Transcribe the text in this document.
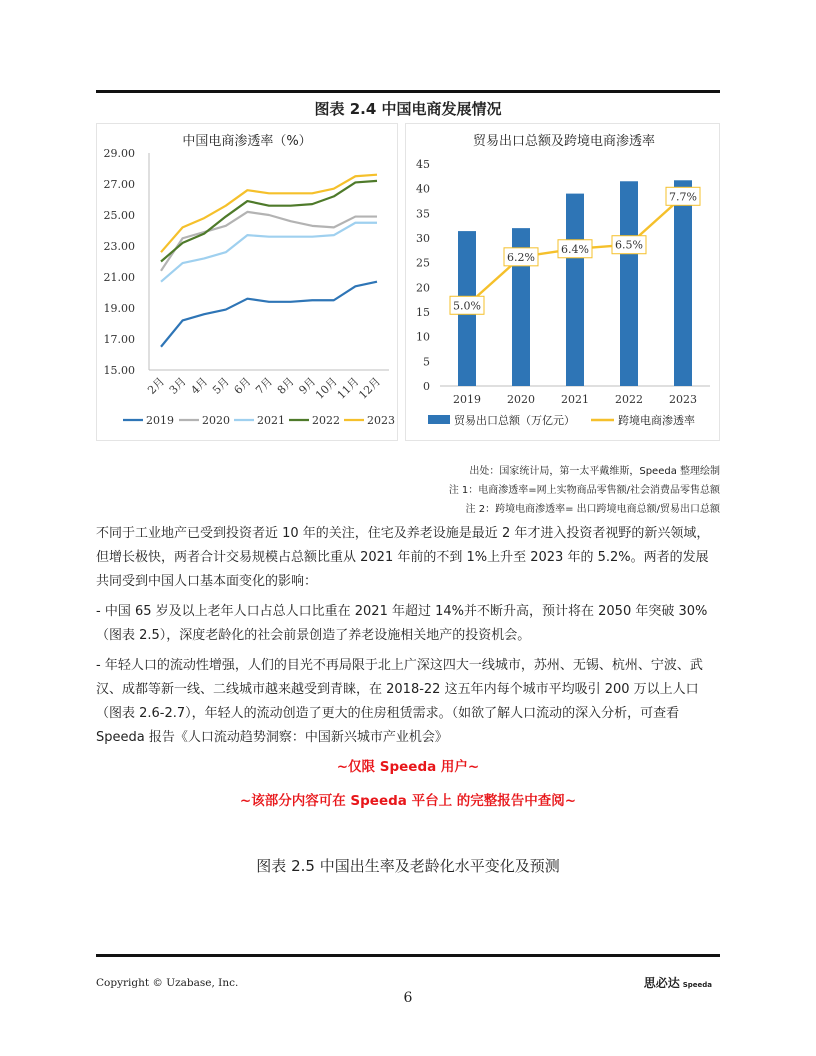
图表 2.4 中国电商发展情况
中国电商渗透率（%）
29.00
27.00
25.00
23.00
21.00
19.00
17.00
15.00
2月 3月 4月 5月 6月 7月 8月 9月
10月
11月
12月
2019	2020 2021 2022 2023
贸易出口总额及跨境电商渗透率
45
40
35
30
25
20
15
10
5
0
2019 2020 2021 2022 2023
5.0%
6.2%
6.4% 6.5%
7.7%
贸易出口总额（万亿元）	跨境电商渗透率
出处：国家统计局，第一太平戴维斯，Speeda 整理绘制
注 1：电商渗透率=网上实物商品零售额/社会消费品零售总额
注 2：跨境电商渗透率= 出口跨境电商总额/贸易出口总额
不同于工业地产已受到投资者近 10 年的关注，住宅及养老设施是最近 2 年才进入投资者视野的新兴领域，但增长极快，两者合计交易规模占总额比重从 2021 年前的不到 1%上升至 2023 年的 5.2%。两者的发展共同受到中国人口基本面变化的影响：
- 中国 65 岁及以上老年人口占总人口比重在 2021 年超过 14%并不断升高，预计将在 2050 年突破 30%（图表 2.5），深度老龄化的社会前景创造了养老设施相关地产的投资机会。
- 年轻人口的流动性增强，人们的目光不再局限于北上广深这四大一线城市，苏州、无锡、杭州、宁波、武汉、成都等新一线、二线城市越来越受到青睐，在 2018-22 这五年内每个城市平均吸引 200 万以上人口（图表 2.6-2.7），年轻人的流动创造了更大的住房租赁需求。（如欲了解人口流动的深入分析，可查看 Speeda 报告《人口流动趋势洞察：中国新兴城市产业机会》
~仅限 Speeda 用户~
~该部分内容可在 Speeda 平台上 的完整报告中查阅~
图表 2.5 中国出生率及老龄化水平变化及预测
Copyright © Uzabase, Inc.	思必达 Speeda
6
